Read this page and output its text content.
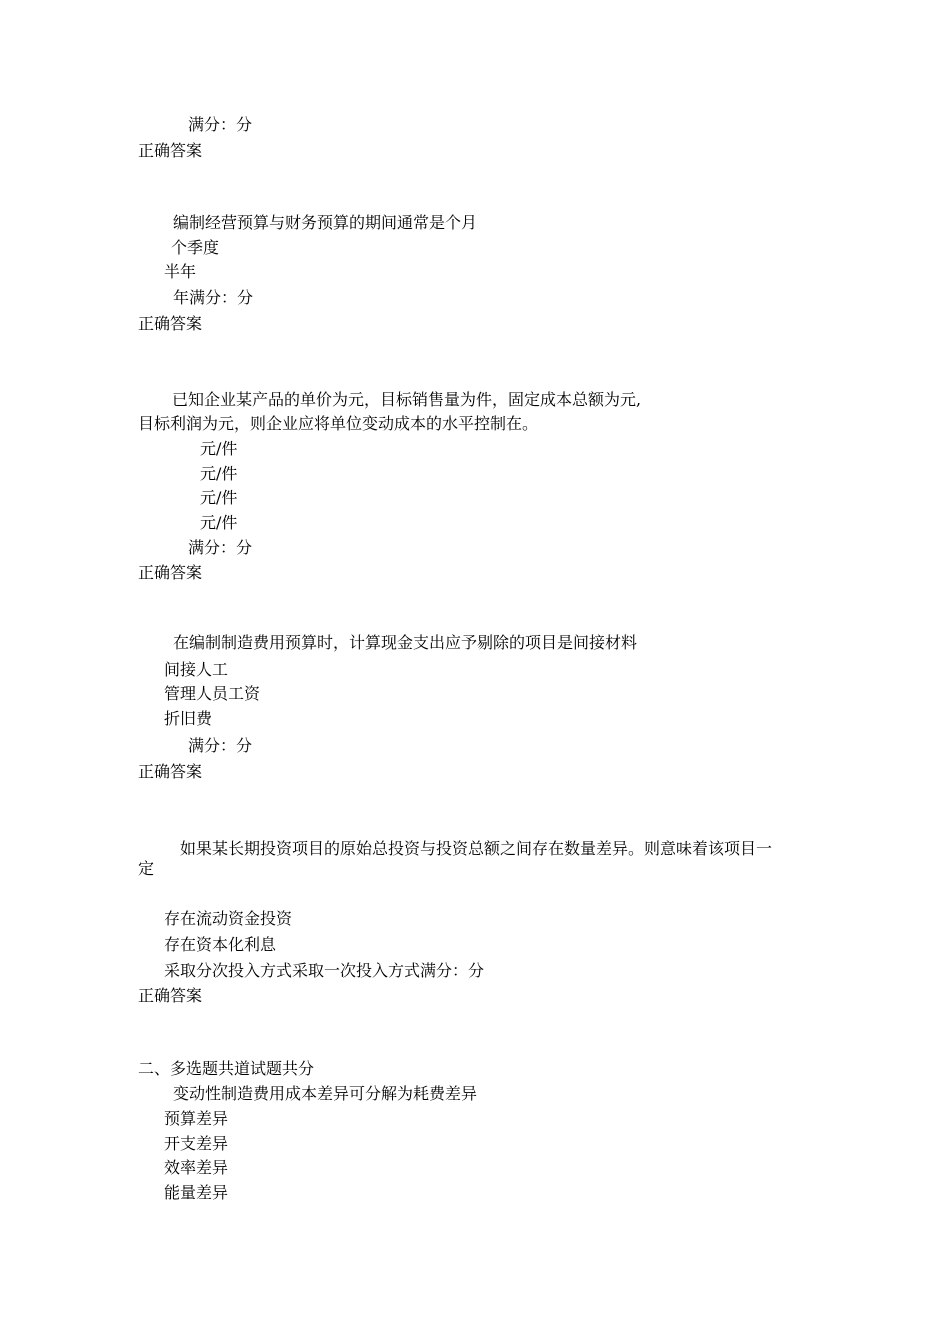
满分：分
正确答案
编制经营预算与财务预算的期间通常是个月
个季度
半年
年满分：分
正确答案
已知企业某产品的单价为元，目标销售量为件，固定成本总额为元,
目标利润为元，则企业应将单位变动成本的水平控制在。
元/件
元/件
元/件
元/件
满分：分
正确答案
在编制制造费用预算时，计算现金支出应予剔除的项目是间接材料
间接人工
管理人员工资
折旧费
满分：分
正确答案
如果某长期投资项目的原始总投资与投资总额之间存在数量差异。则意味着该项目一
定
存在流动资金投资
存在资本化利息
采取分次投入方式采取一次投入方式满分：分
正确答案
二、多选题共道试题共分
变动性制造费用成本差异可分解为耗费差异
预算差异
开支差异
效率差异
能量差异
